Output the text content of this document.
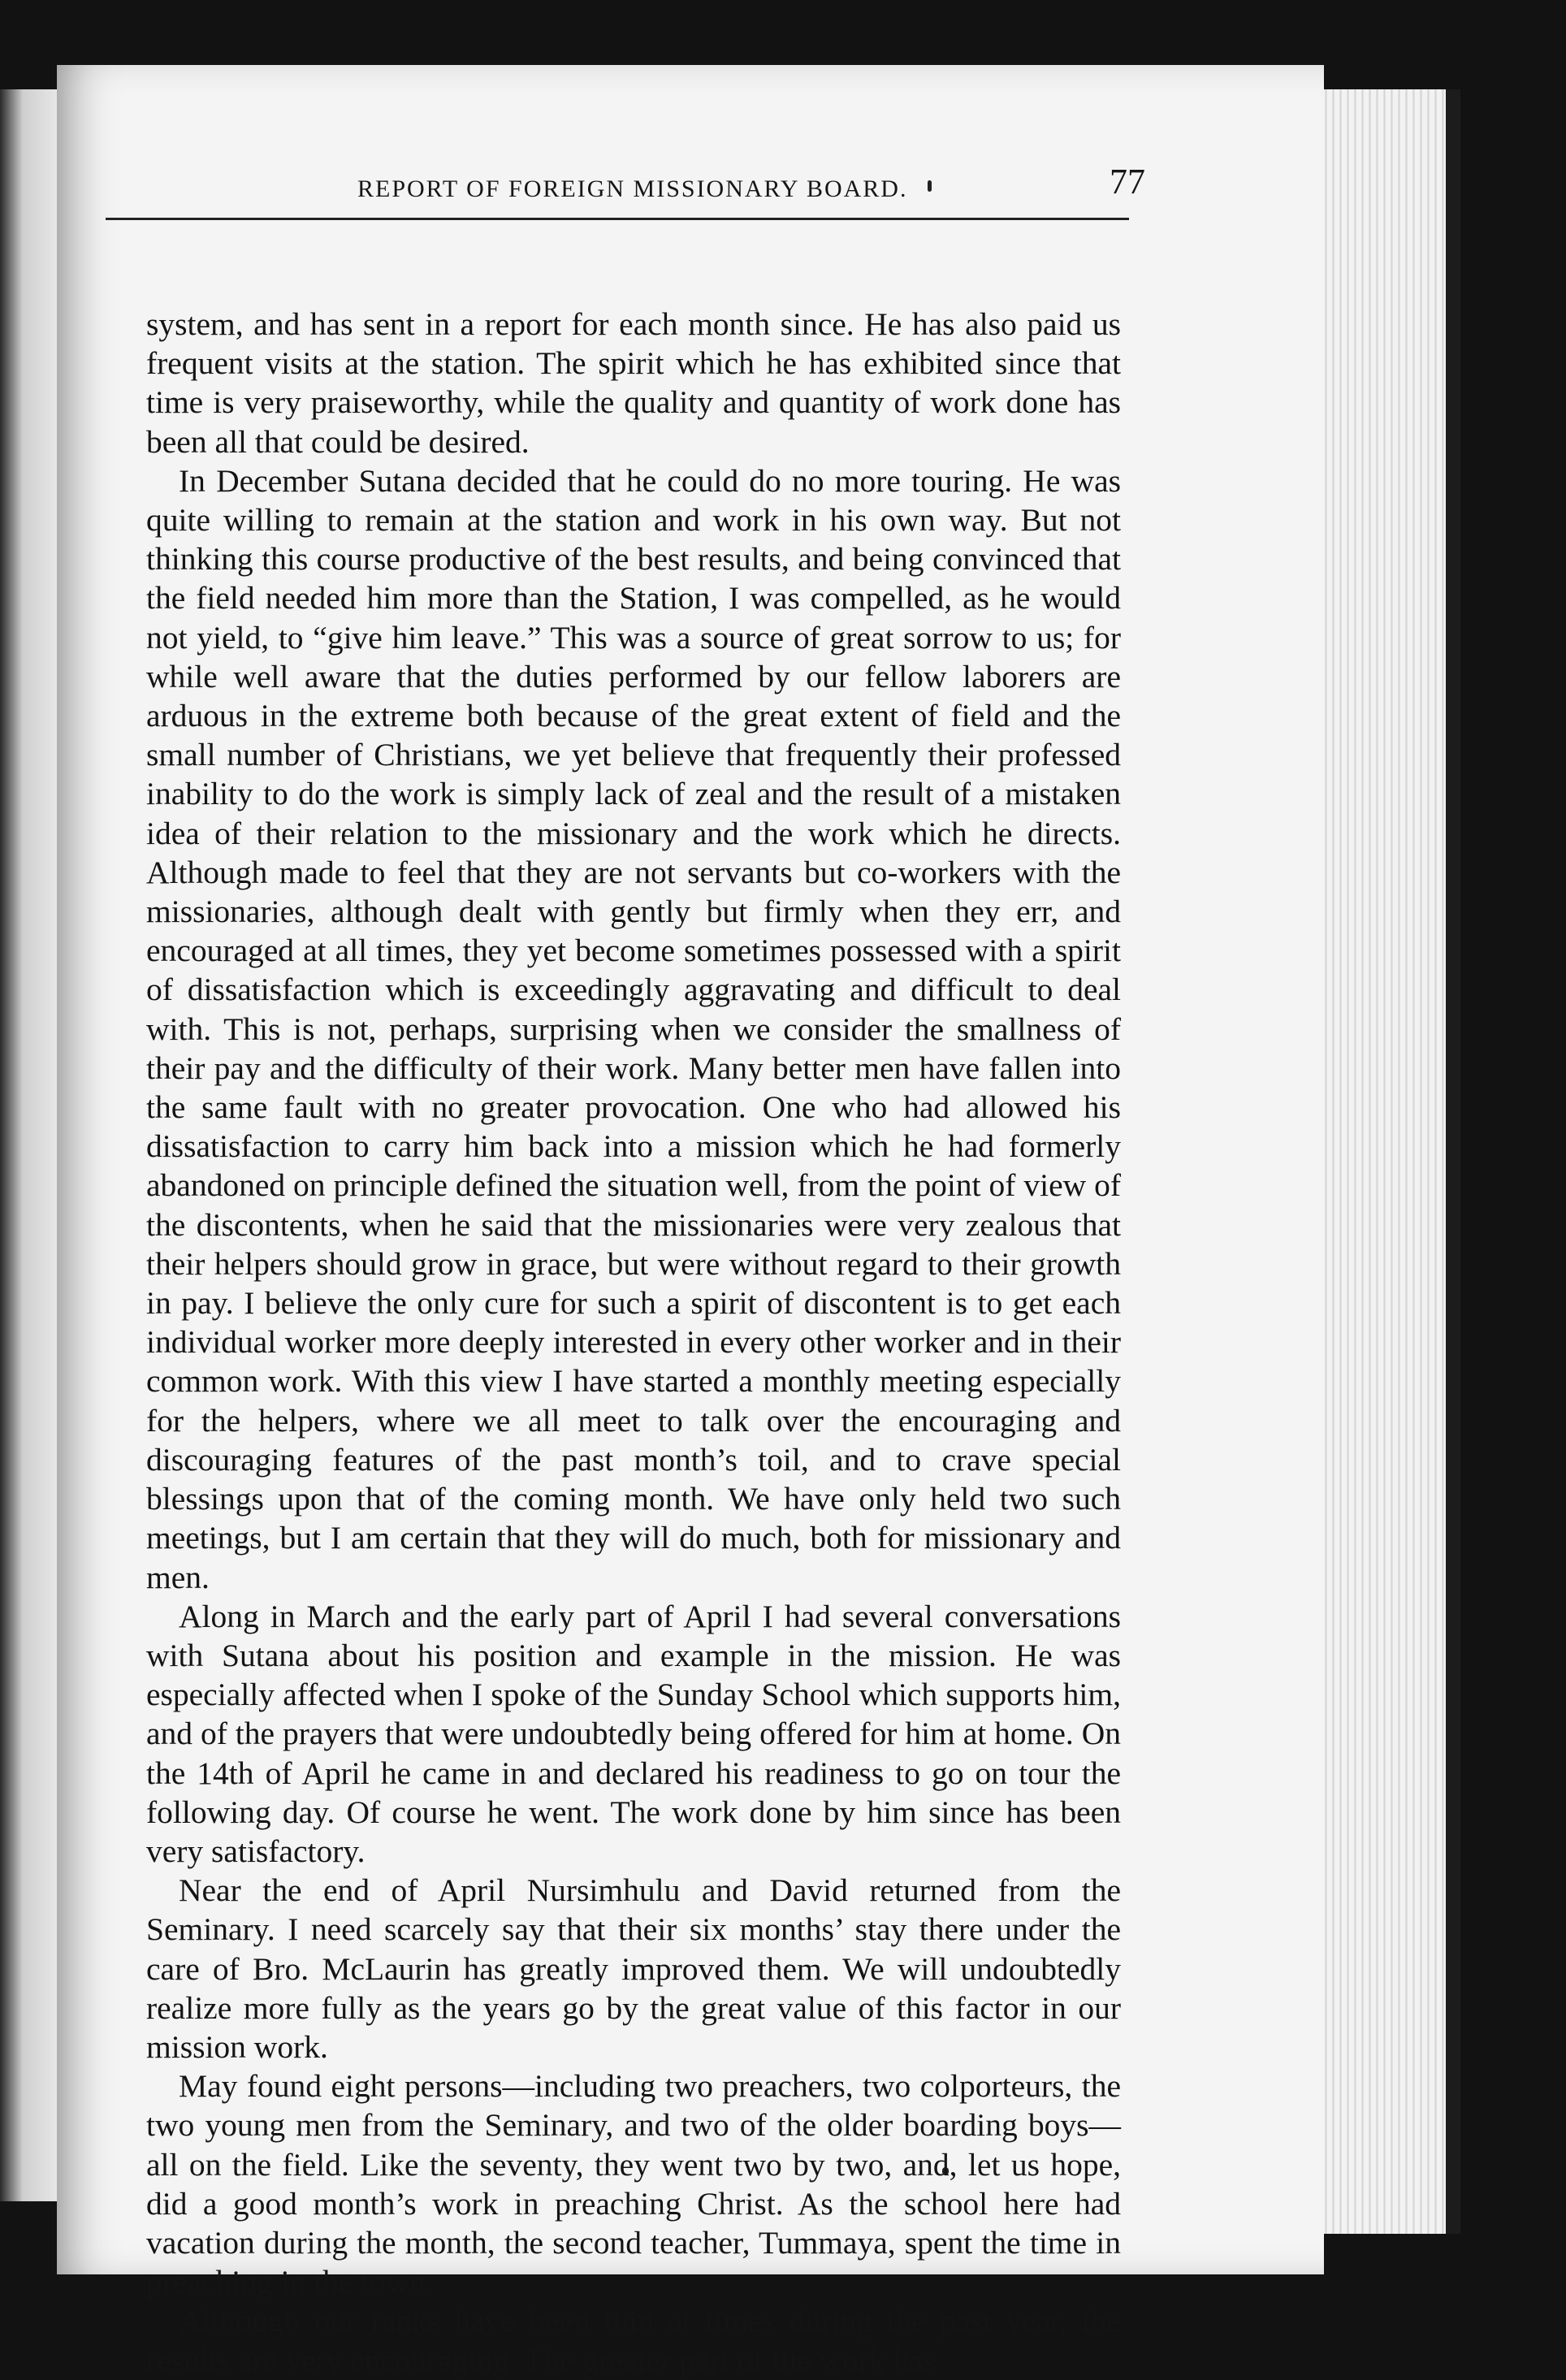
REPORT OF FOREIGN MISSIONARY BOARD.	77

system, and has sent in a report for each month since. He has also paid us frequent visits at the station. The spirit which he has exhibited since that time is very praiseworthy, while the quality and quantity of work done has been all that could be desired.

In December Sutana decided that he could do no more touring. He was quite willing to remain at the station and work in his own way. But not thinking this course productive of the best results, and being convinced that the field needed him more than the Station, I was compelled, as he would not yield, to “give him leave.” This was a source of great sorrow to us; for while well aware that the duties performed by our fellow laborers are arduous in the extreme both because of the great extent of field and the small number of Christians, we yet believe that frequently their professed inability to do the work is simply lack of zeal and the result of a mistaken idea of their relation to the missionary and the work which he directs. Although made to feel that they are not servants but co-workers with the missionaries, although dealt with gently but firmly when they err, and encouraged at all times, they yet become sometimes possessed with a spirit of dissatisfaction which is exceedingly aggravating and difficult to deal with. This is not, perhaps, surprising when we consider the smallness of their pay and the difficulty of their work. Many better men have fallen into the same fault with no greater provocation. One who had allowed his dissatisfaction to carry him back into a mission which he had formerly abandoned on principle defined the situation well, from the point of view of the discontents, when he said that the missionaries were very zealous that their helpers should grow in grace, but were without regard to their growth in pay. I believe the only cure for such a spirit of discontent is to get each individual worker more deeply interested in every other worker and in their common work. With this view I have started a monthly meeting especially for the helpers, where we all meet to talk over the encouraging and discouraging features of the past month’s toil, and to crave special blessings upon that of the coming month. We have only held two such meetings, but I am certain that they will do much, both for missionary and men.

Along in March and the early part of April I had several conversations with Sutana about his position and example in the mission. He was especially affected when I spoke of the Sunday School which supports him, and of the prayers that were undoubtedly being offered for him at home. On the 14th of April he came in and declared his readiness to go on tour the following day. Of course he went. The work done by him since has been very satisfactory.

Near the end of April Nursimhulu and David returned from the Seminary. I need scarcely say that their six months’ stay there under the care of Bro. McLaurin has greatly improved them. We will undoubtedly realize more fully as the years go by the great value of this factor in our mission work.

May found eight persons—including two preachers, two colporteurs, the two young men from the Seminary, and two of the older boarding boys—all on the field. Like the seventy, they went two by two, and, let us hope, did a good month’s work in preaching Christ. As the school here had vacation during the month, the second teacher, Tummaya, spent the time in preaching in the town.

Although our ranks have been thin at times during the past year, the results are very encouraging. The greater part of the work has
